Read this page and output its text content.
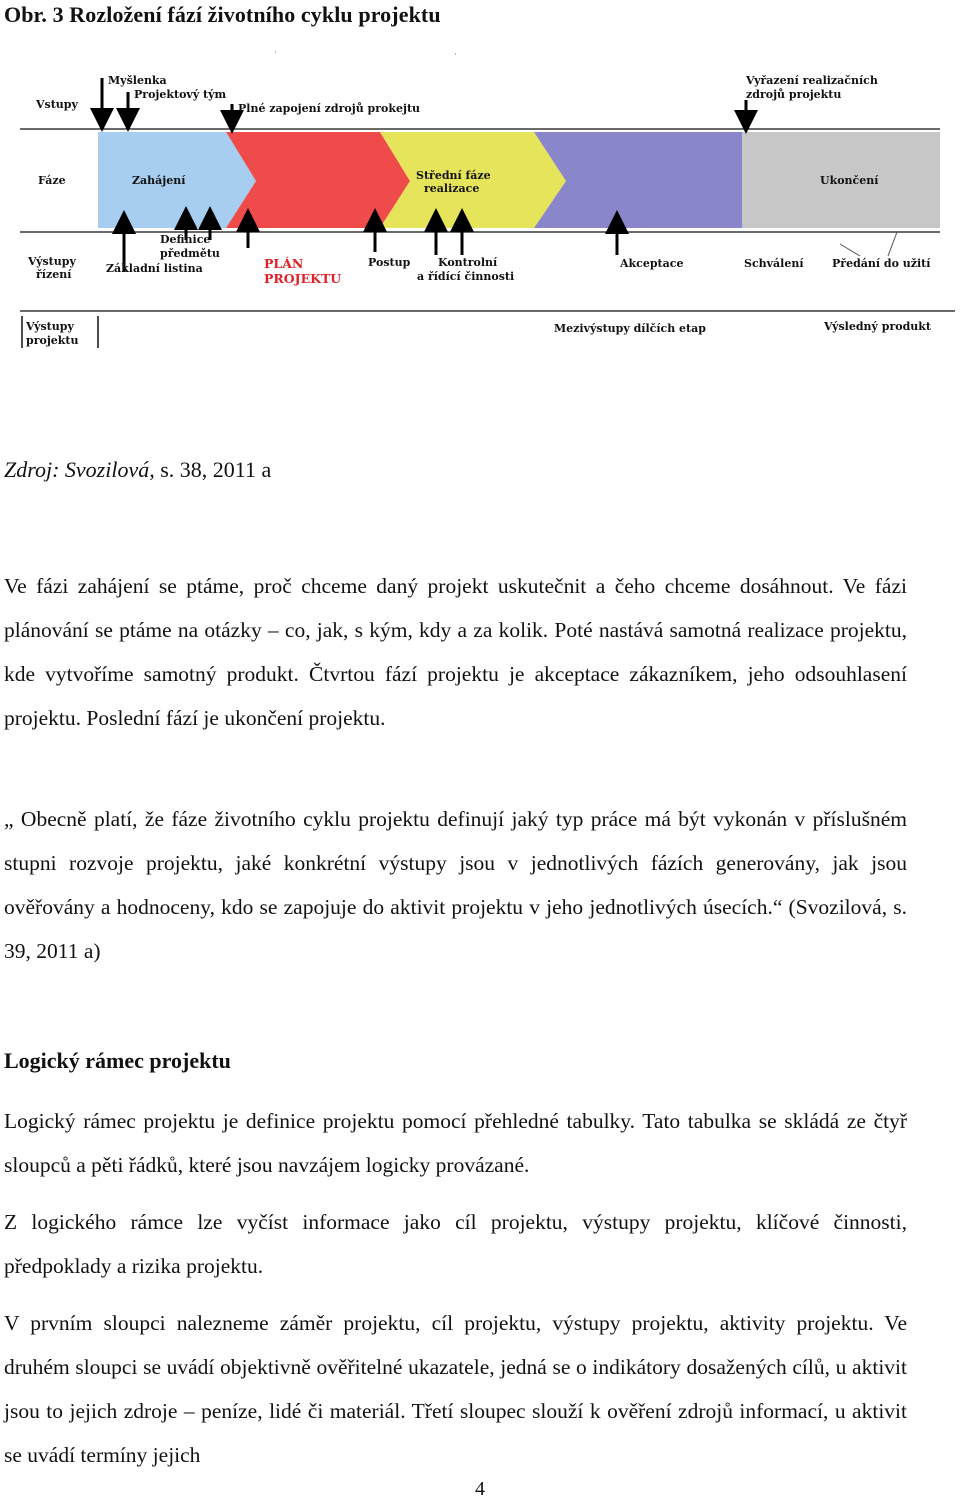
Obr. 3 Rozložení fází životního cyklu projektu
Vstupy
Fáze
Výstupy
řízení
Výstupy
projektu
Myšlenka
Projektový tým
Plné zapojení zdrojů prokejtu
Vyřazení realizačních
zdrojů projektu
Zahájení	Střední fáze
realizace
Ukončení
Definice
předmětu
Základní listina	PLÁN
PROJEKTU
Postup	Kontrolní
a řídící činnosti
Akceptace	Schválení	Předání do užití
Mezivýstupy dílčích etap	Výsledný produkt
Zdroj: Svozilová, s. 38, 2011 a

Ve fázi zahájení se ptáme, proč chceme daný projekt uskutečnit a čeho chceme dosáhnout. Ve fázi plánování se ptáme na otázky – co, jak, s kým, kdy a za kolik. Poté nastává samotná realizace projektu, kde vytvoříme samotný produkt. Čtvrtou fází projektu je akceptace zákazníkem, jeho odsouhlasení projektu. Poslední fází je ukončení projektu.

„ Obecně platí, že fáze životního cyklu projektu definují jaký typ práce má být vykonán v příslušném stupni rozvoje projektu, jaké konkrétní výstupy jsou v jednotlivých fázích generovány, jak jsou ověřovány a hodnoceny, kdo se zapojuje do aktivit projektu v jeho jednotlivých úsecích.“ (Svozilová, s. 39, 2011 a)

Logický rámec projektu

Logický rámec projektu je definice projektu pomocí přehledné tabulky. Tato tabulka se skládá ze čtyř sloupců a pěti řádků, které jsou navzájem logicky provázané.

Z logického rámce lze vyčíst informace jako cíl projektu, výstupy projektu, klíčové činnosti, předpoklady a rizika projektu.

V prvním sloupci nalezneme záměr projektu, cíl projektu, výstupy projektu, aktivity projektu. Ve druhém sloupci se uvádí objektivně ověřitelné ukazatele, jedná se o indikátory dosažených cílů, u aktivit jsou to jejich zdroje – peníze, lidé či materiál. Třetí sloupec slouží k ověření zdrojů informací, u aktivit se uvádí termíny jejich

4
